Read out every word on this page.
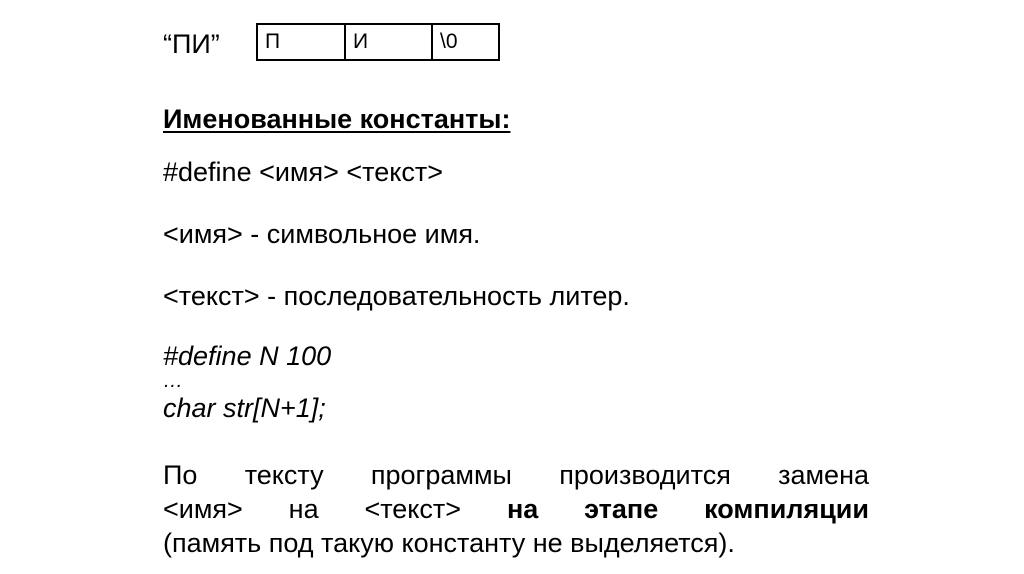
“ПИ” П	И	\0
Именованные константы:
#define <имя> <текст>
<имя> - символьное имя.
<текст> - последовательность литер.
#define N 100
…
char str[N+1];
По тексту программы производится замена
<имя> на <текст> на этапе компиляции
(память под такую константу не выделяется).
